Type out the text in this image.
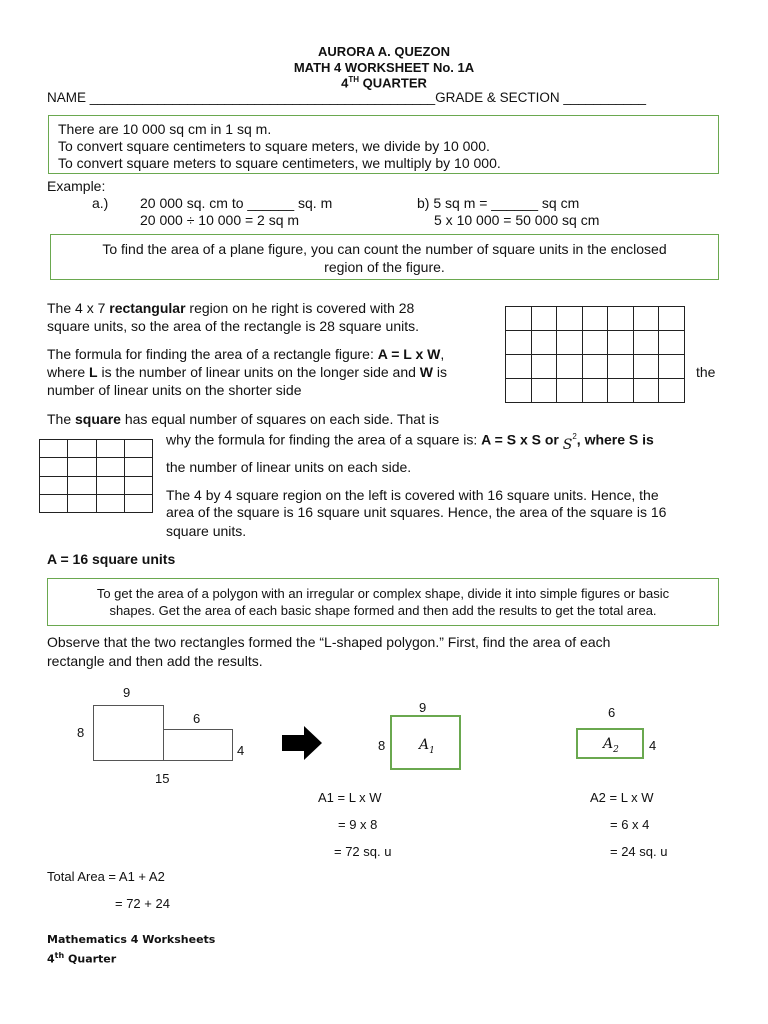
AURORA A. QUEZON
MATH 4 WORKSHEET No. 1A
4TH QUARTER
NAME ______________________________________________GRADE & SECTION ___________
There are 10 000 sq cm in 1 sq m.
To convert square centimeters to square meters, we divide by 10 000.
To convert square meters to square centimeters, we multiply by 10 000.
Example:
a.) 20 000 sq. cm to ______ sq. m
20 000 ÷ 10 000 = 2 sq m
b) 5 sq m = ______ sq cm
5 x 10 000 = 50 000 sq cm
To find the area of a plane figure, you can count the number of square units in the enclosed
region of the figure.
The 4 x 7 rectangular region on he right is covered with 28
square units, so the area of the rectangle is 28 square units.
The formula for finding the area of a rectangle figure: A = L x W,
where L is the number of linear units on the longer side and W is	the
number of linear units on the shorter side

The square has equal number of squares on each side. That is
why the formula for finding the area of a square is: A = S x S or $S^2$, where S is
the number of linear units on each side.
The 4 by 4 square region on the left is covered with 16 square units. Hence, the
area of the square is 16 square unit squares. Hence, the area of the square is 16
square units.

A = 16 square units
To get the area of a polygon with an irregular or complex shape, divide it into simple figures or basic
shapes. Get the area of each basic shape formed and then add the results to get the total area.
Observe that the two rectangles formed the “L-shaped polygon.” First, find the area of each
rectangle and then add the results.
9
8
6
4
15
$A_1$
9
8	$A_2$
6
4
A1 = L x W
= 9 x 8
= 72 sq. u
A2 = L x W
= 6 x 4
= 24 sq. u
Total Area = A1 + A2
= 72 + 24
Mathematics 4 Worksheets
4th Quarter
